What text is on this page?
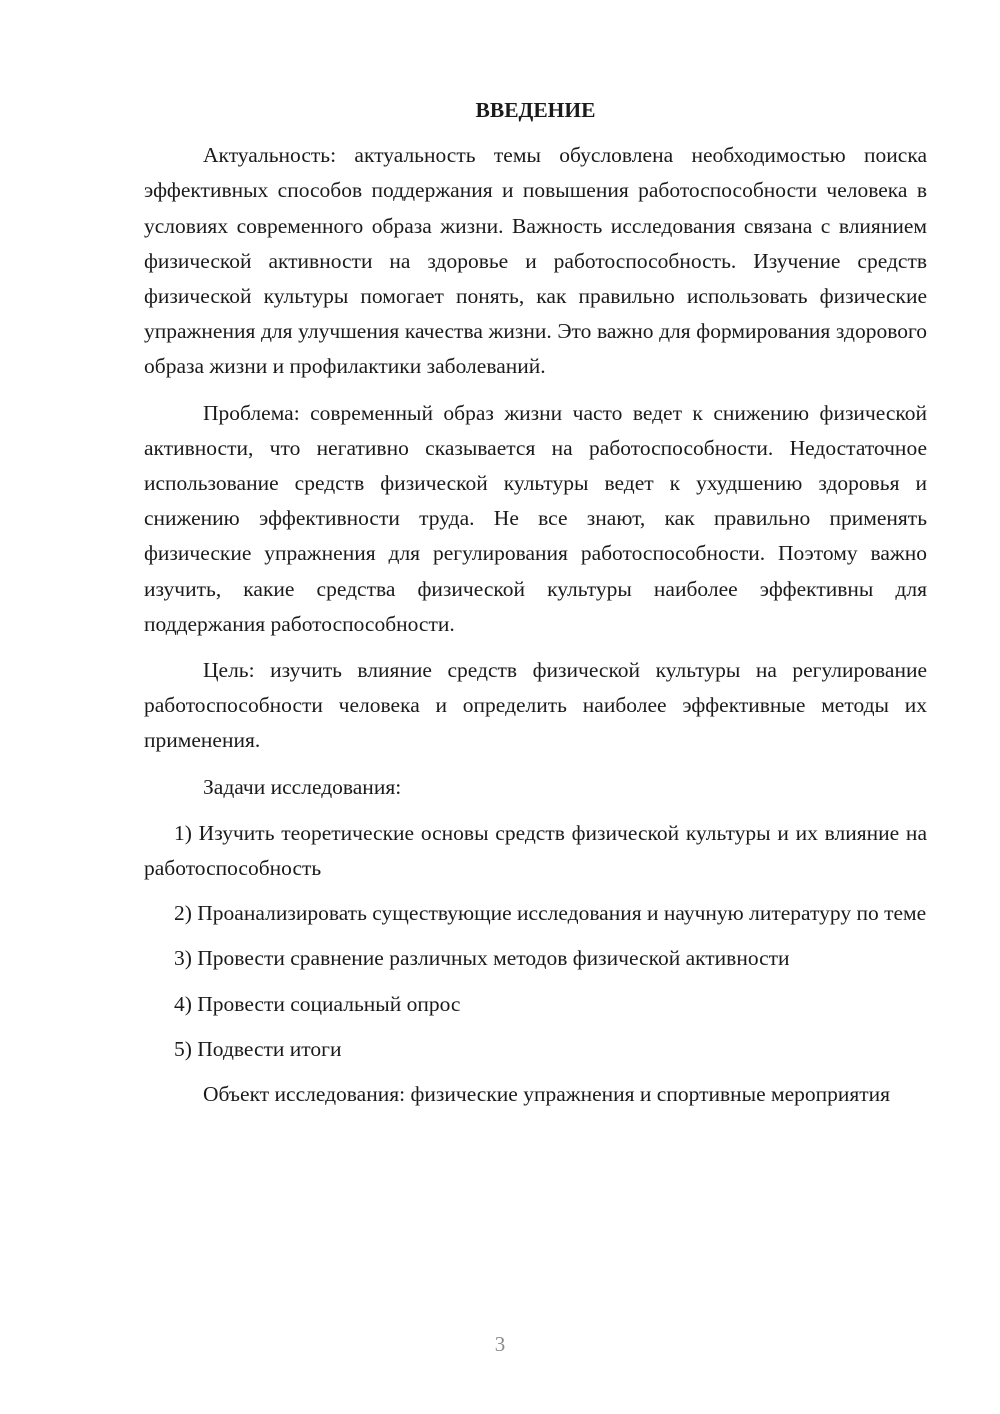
ВВЕДЕНИЕ

Актуальность: актуальность темы обусловлена необходимостью поиска эффективных способов поддержания и повышения работоспособности человека в условиях современного образа жизни. Важность исследования связана с влиянием физической активности на здоровье и работоспособность. Изучение средств физической культуры помогает понять, как правильно использовать физические упражнения для улучшения качества жизни. Это важно для формирования здорового образа жизни и профилактики заболеваний.

Проблема: современный образ жизни часто ведет к снижению физической активности, что негативно сказывается на работоспособности. Недостаточное использование средств физической культуры ведет к ухудшению здоровья и снижению эффективности труда. Не все знают, как правильно применять физические упражнения для регулирования работоспособности. Поэтому важно изучить, какие средства физической культуры наиболее эффективны для поддержания работоспособности.

Цель: изучить влияние средств физической культуры на регулирование работоспособности человека и определить наиболее эффективные методы их применения.

Задачи исследования:

1) Изучить теоретические основы средств физической культуры и их влияние на работоспособность

2) Проанализировать существующие исследования и научную литературу по теме

3) Провести сравнение различных методов физической активности

4) Провести социальный опрос

5) Подвести итоги

Объект исследования: физические упражнения и спортивные мероприятия

3
